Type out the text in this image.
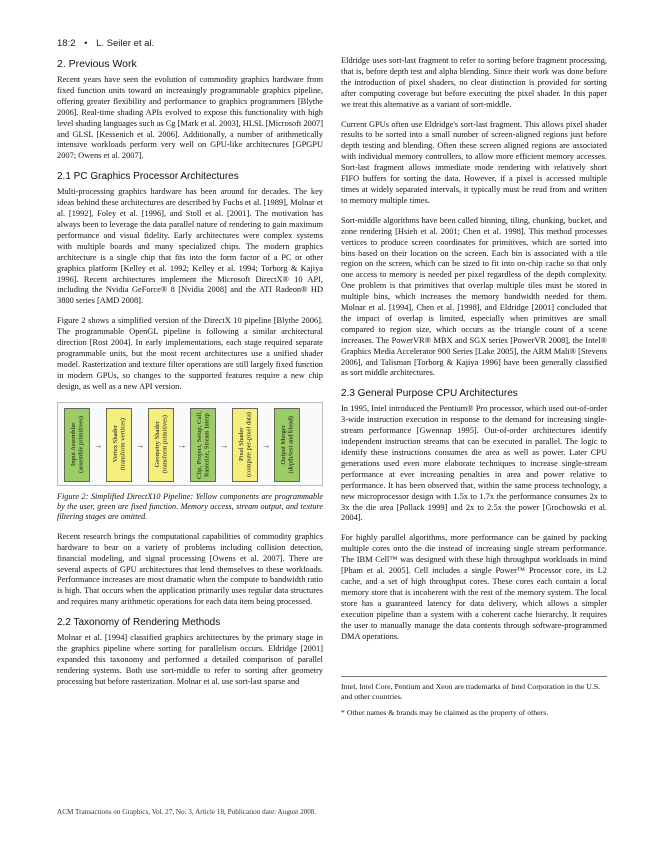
18:2 • L. Seiler et al.
2. Previous Work

Recent years have seen the evolution of commodity graphics hardware from fixed function units toward an increasingly programmable graphics pipeline, offering greater flexibility and performance to graphics programmers [Blythe 2006]. Real-time shading APIs evolved to expose this functionality with high level shading languages such as Cg [Mark et al. 2003], HLSL [Microsoft 2007] and GLSL [Kessenich et al. 2006]. Additionally, a number of arithmetically intensive workloads perform very well on GPU-like architectures [GPGPU 2007; Owens et al. 2007].

2.1 PC Graphics Processor Architectures

Multi-processing graphics hardware has been around for decades. The key ideas behind these architectures are described by Fuchs et al. [1989], Molnar et al. [1992], Foley et al. [1996], and Stoll et al. [2001]. The motivation has always been to leverage the data parallel nature of rendering to gain maximum performance and visual fidelity. Early architectures were complex systems with multiple boards and many specialized chips. The modern graphics architecture is a single chip that fits into the form factor of a PC or other graphics platform [Kelley et al. 1992; Kelley et al. 1994; Torborg & Kajiya 1996]. Recent architectures implement the Microsoft DirectX® 10 API, including the Nvidia GeForce® 8 [Nvidia 2008] and the ATI Radeon® HD 3800 series [AMD 2008].

Figure 2 shows a simplified version of the DirectX 10 pipeline [Blythe 2006]. The programmable OpenGL pipeline is following a similar architectural direction [Rost 2004]. In early implementations, each stage required separate programmable units, but the most recent architectures use a unified shader model. Rasterization and texture filter operations are still largely fixed function in modern GPUs, so changes to the supported features require a new chip design, as well as a new API version.

Input Assembler
(assemble primitives) →	Vertex Shader
(transform vertices) →	Geometry Shader
(transform primitives) →	Clip, Project, Setup, Cull,
Rasterize, Stream Interp →	Pixel Shader
(compute per-pixel data) →	Output Merger
(depth/test and blend)

Figure 2: Simplified DirectX10 Pipeline: Yellow components are programmable by the user, green are fixed function. Memory access, stream output, and texture filtering stages are omitted.

Recent research brings the computational capabilities of commodity graphics hardware to bear on a variety of problems including collision detection, financial modeling, and signal processing [Owens et al. 2007]. There are several aspects of GPU architectures that lend themselves to these workloads. Performance increases are most dramatic when the compute to bandwidth ratio is high. That occurs when the application primarily uses regular data structures and requires many arithmetic operations for each data item being processed.

2.2 Taxonomy of Rendering Methods

Molnar et al. [1994] classified graphics architectures by the primary stage in the graphics pipeline where sorting for parallelism occurs. Eldridge [2001] expanded this taxonomy and performed a detailed comparison of parallel rendering systems. Both use sort-middle to refer to sorting after geometry processing but before rasterization. Molnar et al. use sort-last sparse and

Eldridge uses sort-last fragment to refer to sorting before fragment processing, that is, before depth test and alpha blending. Since their work was done before the introduction of pixel shaders, no clear distinction is provided for sorting after computing coverage but before executing the pixel shader. In this paper we treat this alternative as a variant of sort-middle.

Current GPUs often use Eldridge's sort-last fragment. This allows pixel shader results to be sorted into a small number of screen-aligned regions just before depth testing and blending. Often these screen aligned regions are associated with individual memory controllers, to allow more efficient memory accesses. Sort-last fragment allows immediate mode rendering with relatively short FIFO buffers for sorting the data. However, if a pixel is accessed multiple times at widely separated intervals, it typically must be read from and written to memory multiple times.

Sort-middle algorithms have been called binning, tiling, chunking, bucket, and zone rendering [Hsieh et al. 2001; Chen et al. 1998]. This method processes vertices to produce screen coordinates for primitives, which are sorted into bins based on their location on the screen. Each bin is associated with a tile region on the screen, which can be sized to fit into on-chip cache so that only one access to memory is needed per pixel regardless of the depth complexity. One problem is that primitives that overlap multiple tiles must be stored in multiple bins, which increases the memory bandwidth needed for them. Molnar et al. [1994], Chen et al. [1998], and Eldridge [2001] concluded that the impact of overlap is limited, especially when primitives are small compared to region size, which occurs as the triangle count of a scene increases. The PowerVR® MBX and SGX series [PowerVR 2008], the Intel® Graphics Media Accelerator 900 Series [Lake 2005], the ARM Mali® [Stevens 2006], and Talisman [Torborg & Kajiya 1996] have been generally classified as sort middle architectures.

2.3 General Purpose CPU Architectures

In 1995, Intel introduced the Pentium® Pro processor, which used out-of-order 3-wide instruction execution in response to the demand for increasing single-stream performance [Gwennap 1995]. Out-of-order architectures identify independent instruction streams that can be executed in parallel. The logic to identify these instructions consumes die area as well as power. Later CPU generations used even more elaborate techniques to increase single-stream performance at ever increasing penalties in area and power relative to performance. It has been observed that, within the same process technology, a new microprocessor design with 1.5x to 1.7x the performance consumes 2x to 3x the die area [Pollack 1999] and 2x to 2.5x the power [Grochowski et al. 2004].

For highly parallel algorithms, more performance can be gained by packing multiple cores onto the die instead of increasing single stream performance. The IBM Cell™ was designed with these high throughput workloads in mind [Pham et al. 2005]. Cell includes a single Power™ Processor core, its L2 cache, and a set of high throughput cores. These cores each contain a local memory store that is incoherent with the rest of the memory system. The local store has a guaranteed latency for data delivery, which allows a simpler execution pipeline than a system with a coherent cache hierarchy. It requires the user to manually manage the data contents through software-programmed DMA operations.

Intel, Intel Core, Pentium and Xeon are trademarks of Intel Corporation in the U.S. and other countries.

* Other names & brands may be claimed as the property of others.

ACM Transactions on Graphics, Vol. 27, No. 3, Article 18, Publication date: August 2008.
